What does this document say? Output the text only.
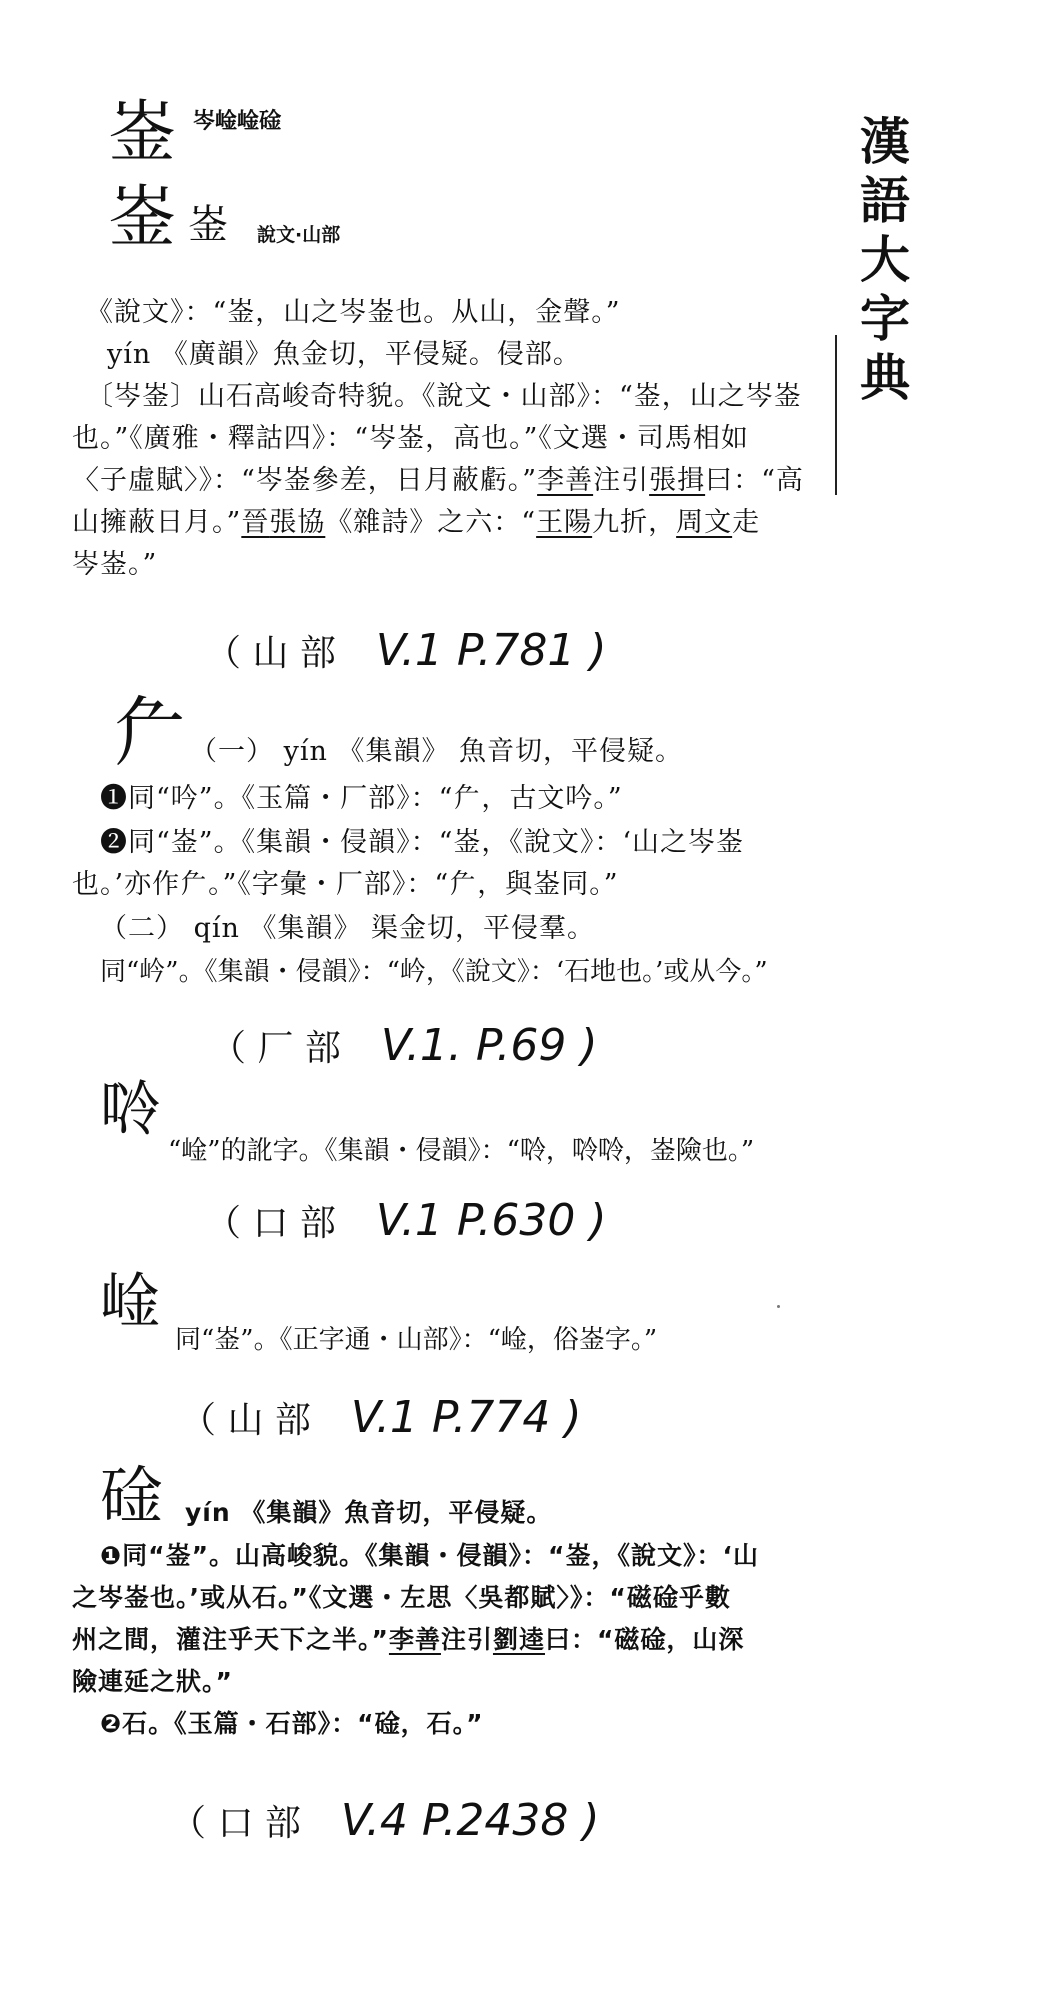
漢
語
大
字
典
崟 岑崯崯碒
崟 崟 說文·山部
《說文》：“崟，山之岑崟也。从山，金聲。”
yín 《廣韻》魚金切，平侵疑。侵部。
〔岑崟〕山石高峻奇特貌。《說文・山部》：“崟，山之岑崟
也。”《廣雅・釋詁四》：“岑崟，高也。”《文選・司馬相如
〈子虛賦〉》：“岑崟參差，日月蔽虧。”李善注引張揖曰：“高
山擁蔽日月。”晉張協《雜詩》之六：“王陽九折，周文走
岑崟。”
（ 山 部 V.1 P.781 )
厃 （一） yín 《集韻》 魚音切，平侵疑。
❶同“吟”。《玉篇・厂部》：“厃，古文吟。”
❷同“崟”。《集韻・侵韻》：“崟，《說文》：‘山之岑崟
也。’亦作厃。”《字彙・厂部》：“厃，與崟同。”
（二） qín 《集韻》 渠金切，平侵羣。
同“岒”。《集韻・侵韻》：“岒，《說文》：‘石地也。’或从今。”
（ 厂 部 V.1. P.69 )
唥
“崯”的訛字。《集韻・侵韻》：“唥，唥唥，崟險也。”
（ 口 部 V.1 P.630 )
崯
同“崟”。《正字通・山部》：“崯，俗崟字。”
（ 山 部 V.1 P.774 )
碒 yín 《集韻》魚音切，平侵疑。
❶同“崟”。山高峻貌。《集韻・侵韻》：“崟，《說文》：‘山
之岑崟也。’或从石。”《文選・左思〈吳都賦〉》：“磁碒乎數
州之間，灌注乎天下之半。”李善注引劉逵曰：“磁碒，山深
險連延之狀。”
❷石。《玉篇・石部》：“碒，石。”
（ 口 部 V.4 P.2438 )
